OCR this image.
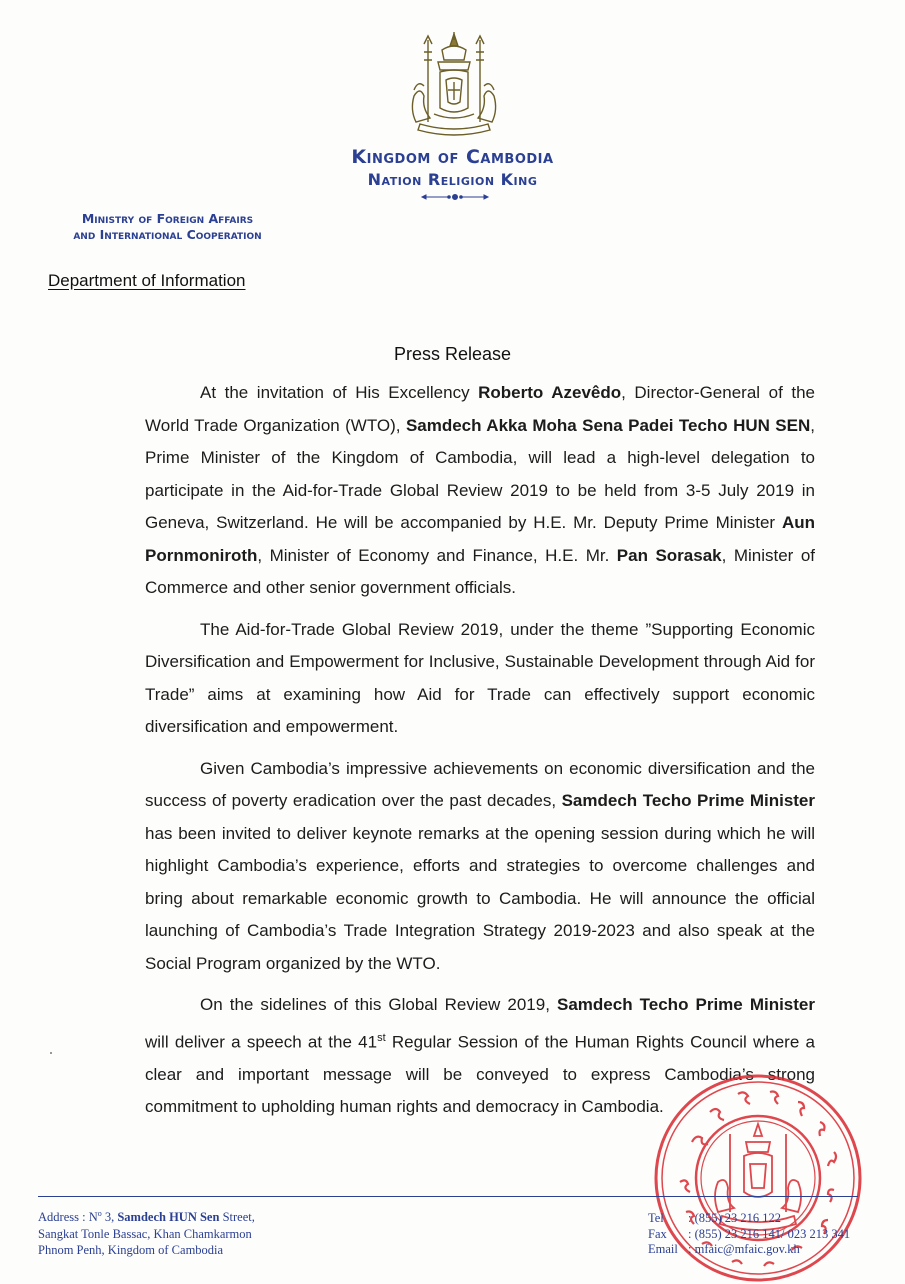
Kingdom of Cambodia
Nation Religion King
Ministry of Foreign Affairs
and International Cooperation
Department of Information
Press Release

At the invitation of His Excellency Roberto Azevêdo, Director-General of the World Trade Organization (WTO), Samdech Akka Moha Sena Padei Techo HUN SEN, Prime Minister of the Kingdom of Cambodia, will lead a high-level delegation to participate in the Aid-for-Trade Global Review 2019 to be held from 3-5 July 2019 in Geneva, Switzerland. He will be accompanied by H.E. Mr. Deputy Prime Minister Aun Pornmoniroth, Minister of Economy and Finance, H.E. Mr. Pan Sorasak, Minister of Commerce and other senior government officials.

The Aid-for-Trade Global Review 2019, under the theme ”Supporting Economic Diversification and Empowerment for Inclusive, Sustainable Development through Aid for Trade” aims at examining how Aid for Trade can effectively support economic diversification and empowerment.

Given Cambodia’s impressive achievements on economic diversification and the success of poverty eradication over the past decades, Samdech Techo Prime Minister has been invited to deliver keynote remarks at the opening session during which he will highlight Cambodia’s experience, efforts and strategies to overcome challenges and bring about remarkable economic growth to Cambodia. He will announce the official launching of Cambodia’s Trade Integration Strategy 2019-2023 and also speak at the Social Program organized by the WTO.

On the sidelines of this Global Review 2019, Samdech Techo Prime Minister will deliver a speech at the 41st Regular Session of the Human Rights Council where a clear and important message will be conveyed to express Cambodia’s strong commitment to upholding human rights and democracy in Cambodia.

Address : $N^o$ 3, Samdech HUN Sen Street,
Sangkat Tonle Bassac, Khan Chamkarmon
Phnom Penh, Kingdom of Cambodia
Tel : (855) 23 216 122
Fax : (855) 23 216 141/ 023 213 341
Email : mfaic@mfaic.gov.kh
